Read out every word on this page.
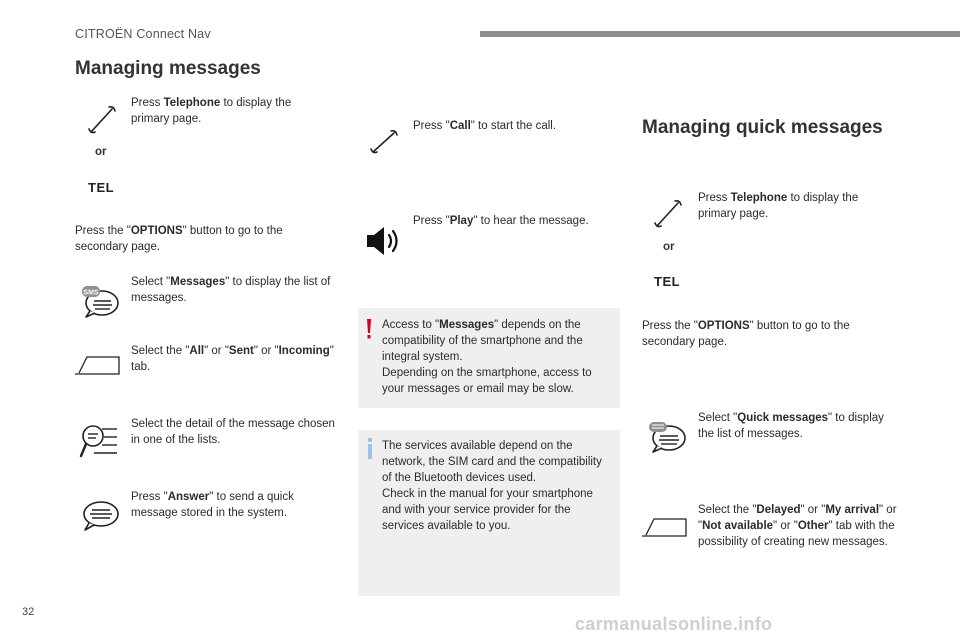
CITROËN Connect Nav
Managing messages
Press Telephone to display the primary page.
or
TEL
Press the "OPTIONS" button to go to the secondary page.
SMS
Select "Messages" to display the list of messages.
Select the "All" or "Sent" or "Incoming" tab.
Select the detail of the message chosen in one of the lists.
Press "Answer" to send a quick message stored in the system.
Press "Call" to start the call.
Press "Play" to hear the message.
Access to "Messages" depends on the compatibility of the smartphone and the integral system.
Depending on the smartphone, access to your messages or email may be slow.
The services available depend on the network, the SIM card and the compatibility of the Bluetooth devices used.
Check in the manual for your smartphone and with your service provider for the services available to you.
Managing quick messages
Press Telephone to display the primary page.
or
TEL
Press the "OPTIONS" button to go to the secondary page.
Select "Quick messages" to display the list of messages.
Select the "Delayed" or "My arrival" or "Not available" or "Other" tab with the possibility of creating new messages.
32
carmanualsonline.info
